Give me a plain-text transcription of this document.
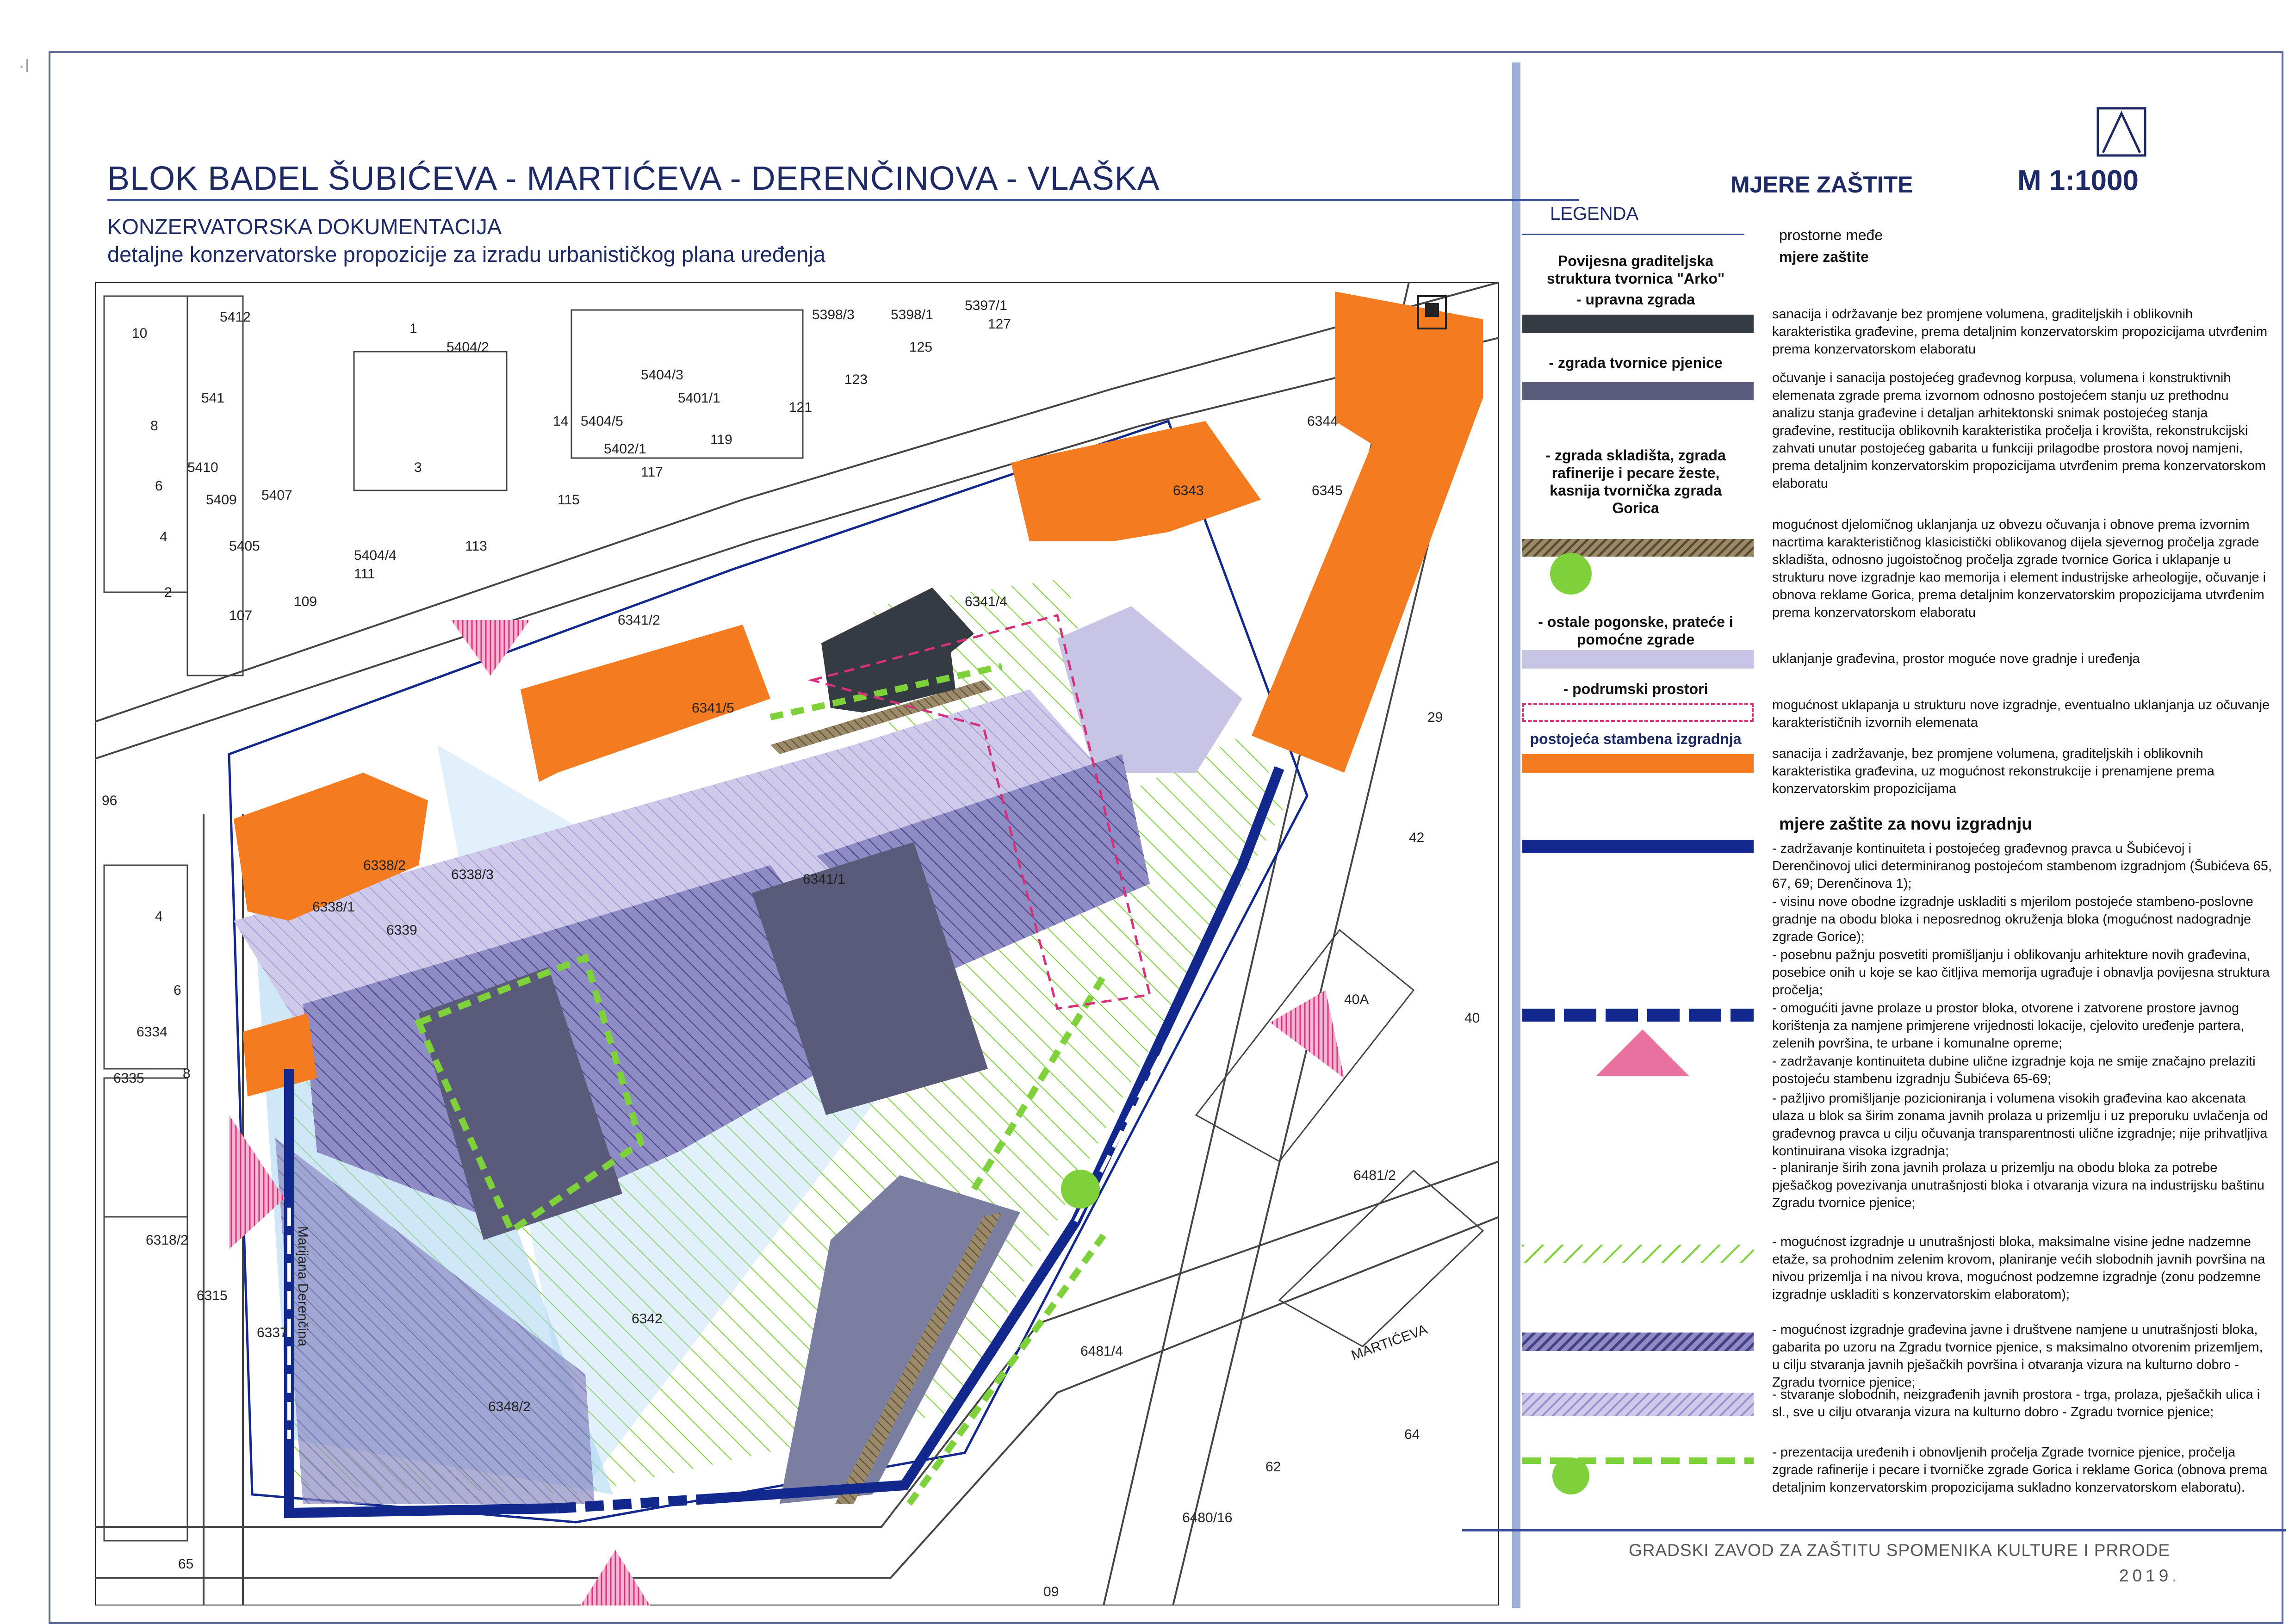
·I
BLOK BADEL ŠUBIĆEVA - MARTIĆEVA - DERENČINOVA - VLAŠKA
KONZERVATORSKA DOKUMENTACIJA
detaljne konzervatorske propozicije za izradu urbanističkog plana uređenja
Marijana Derenčina	MARTIĆEVA
5412
541
5410
5409 5407
5405
5404/2
5404/3
5404/4
5404/5
5401/1
5402/1
5398/3	5398/1
5397/1
6341/2
6341/4
6341/5
6341/1
6343
6344
6345
6338/2
6338/3
6338/1
6339
6334
6335
6318/2
6315
6337
6348/2
6481/2
6481/4
6480/16
6342
10
8
6
4
2
107
109
111
113
115
117
119
121
123
125
127
1
3
14
96
65
29
42
40A
40
64
62
09
4
6
8
MJERE ZAŠTITE	M 1:1000
LEGENDA
prostorne međe
mjere zaštite
Povijesna graditeljska struktura tvornica "Arko"
- upravna zgrada
- zgrada tvornice pjenice
- zgrada skladišta, zgrada rafinerije i pecare žeste, kasnija tvornička zgrada Gorica
- ostale pogonske, prateće i pomoćne zgrade
- podrumski prostori
postojeća stambena izgradnja
sanacija i održavanje bez promjene volumena, graditeljskih i oblikovnih karakteristika građevine, prema detaljnim konzervatorskim propozicijama utvrđenim prema konzervatorskom elaboratu
očuvanje i sanacija postojećeg građevnog korpusa, volumena i konstruktivnih elemenata zgrade prema izvornom odnosno postojećem stanju uz prethodnu analizu stanja građevine i detaljan arhitektonski snimak postojećeg stanja građevine, restitucija oblikovnih karakteristika pročelja i krovišta, rekonstrukcijski zahvati unutar postojećeg gabarita u funkciji prilagodbe prostora novoj namjeni, prema detaljnim konzervatorskim propozicijama utvrđenim prema konzervatorskom elaboratu
mogućnost djelomičnog uklanjanja uz obvezu očuvanja i obnove prema izvornim nacrtima karakterističnog klasicistički oblikovanog dijela sjevernog pročelja zgrade skladišta, odnosno jugoistočnog pročelja zgrade tvornice Gorica i uklapanje u strukturu nove izgradnje kao memorija i element industrijske arheologije, očuvanje i obnova reklame Gorica, prema detaljnim konzervatorskim propozicijama utvrđenim prema konzervatorskom elaboratu
uklanjanje građevina, prostor moguće nove gradnje i uređenja
mogućnost uklapanja u strukturu nove izgradnje, eventualno uklanjanja uz očuvanje karakterističnih izvornih elemenata
sanacija i zadržavanje, bez promjene volumena, graditeljskih i oblikovnih karakteristika građevina, uz mogućnost rekonstrukcije i prenamjene prema konzervatorskim propozicijama
mjere zaštite za novu izgradnju
- zadržavanje kontinuiteta i postojećeg građevnog pravca u Šubićevoj i Derenčinovoj ulici determiniranog postojećom stambenom izgradnjom (Šubićeva 65, 67, 69; Derenčinova 1);
- visinu nove obodne izgradnje uskladiti s mjerilom postojeće stambeno-poslovne gradnje na obodu bloka i neposrednog okruženja bloka (mogućnost nadogradnje zgrade Gorice);
- posebnu pažnju posvetiti promišljanju i oblikovanju arhitekture novih građevina, posebice onih u koje se kao čitljiva memorija ugrađuje i obnavlja povijesna struktura pročelja;
- omogućiti javne prolaze u prostor bloka, otvorene i zatvorene prostore javnog korištenja za namjene primjerene vrijednosti lokacije, cjelovito uređenje partera, zelenih površina, te urbane i komunalne opreme;
- zadržavanje kontinuiteta dubine ulične izgradnje koja ne smije značajno prelaziti postojeću stambenu izgradnju Šubićeva 65-69;
- pažljivo promišljanje pozicioniranja i volumena visokih građevina kao akcenata ulaza u blok sa širim zonama javnih prolaza u prizemlju i uz preporuku uvlačenja od građevnog pravca u cilju očuvanja transparentnosti ulične izgradnje; nije prihvatljiva kontinuirana visoka izgradnja;
- planiranje širih zona javnih prolaza u prizemlju na obodu bloka za potrebe pješačkog povezivanja unutrašnjosti bloka i otvaranja vizura na industrijsku baštinu Zgradu tvornice pjenice;
- mogućnost izgradnje u unutrašnjosti bloka, maksimalne visine jedne nadzemne etaže, sa prohodnim zelenim krovom, planiranje većih slobodnih javnih površina na nivou prizemlja i na nivou krova, mogućnost podzemne izgradnje (zonu podzemne izgradnje uskladiti s konzervatorskim elaboratom);
- mogućnost izgradnje građevina javne i društvene namjene u unutrašnjosti bloka, gabarita po uzoru na Zgradu tvornice pjenice, s maksimalno otvorenim prizemljem, u cilju stvaranja javnih pješačkih površina i otvaranja vizura na kulturno dobro - Zgradu tvornice pjenice;
- stvaranje slobodnih, neizgrađenih javnih prostora - trga, prolaza, pješačkih ulica i sl., sve u cilju otvaranja vizura na kulturno dobro - Zgradu tvornice pjenice;
- prezentacija uređenih i obnovljenih pročelja Zgrade tvornice pjenice, pročelja zgrade rafinerije i pecare i tvorničke zgrade Gorica i reklame Gorica (obnova prema detaljnim konzervatorskim propozicijama sukladno konzervatorskom elaboratu).
GRADSKI ZAVOD ZA ZAŠTITU SPOMENIKA KULTURE I PRRODE
2019.
